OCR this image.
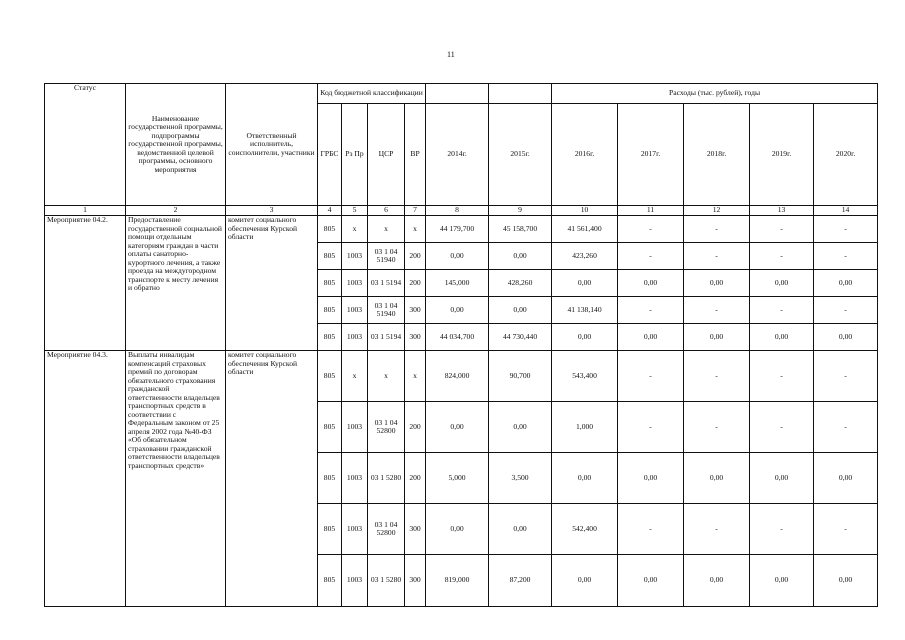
11
Статус	Наименование государственной программы, подпрограммы государственной программы, ведомственной целевой программы, основного мероприятия	Ответственный исполнитель, соисполнители, участники	Код бюджетной классификации						Расходы (тыс. рублей), годы				
			ГРБС	Рз Пр	ЦСР	ВР	2014г.	2015г.	2016г.	2017г.	2018г.	2019г.	2020г.
1	2	3	4	5	6	7	8	9	10	11	12	13	14
Мероприятие 04.2.	Предоставление государственной социальной помощи отдельным категориям граждан в части оплаты санаторно-курортного лечения, а также проезда на междугородном транспорте к месту лечения и обратно	комитет социального обеспечения Курской области	805	x	x	x	44 179,700	45 158,700	41 561,400	-	-	-	-
			805	1003	03 1 04 51940	200	0,00	0,00	423,260	-	-	-	-
			805	1003	03 1 5194	200	145,000	428,260	0,00	0,00	0,00	0,00	0,00
			805	1003	03 1 04 51940	300	0,00	0,00	41 138,140	-	-	-	-
			805	1003	03 1 5194	300	44 034,700	44 730,440	0,00	0,00	0,00	0,00	0,00
Мероприятие 04.3.	Выплаты инвалидам компенсаций страховых премий по договорам обязательного страхования гражданской ответственности владельцев транспортных средств в соответствии с Федеральным законом от 25 апреля 2002 года №40-ФЗ «Об обязательном страховании гражданской ответственности владельцев транспортных средств»	комитет социального обеспечения Курской области	805	x	x	x	824,000	90,700	543,400	-	-	-	-
			805	1003	03 1 04 52800	200	0,00	0,00	1,000	-	-	-	-
			805	1003	03 1 5280	200	5,000	3,500	0,00	0,00	0,00	0,00	0,00
			805	1003	03 1 04 52800	300	0,00	0,00	542,400	-	-	-	-
			805	1003	03 1 5280	300	819,000	87,200	0,00	0,00	0,00	0,00	0,00
